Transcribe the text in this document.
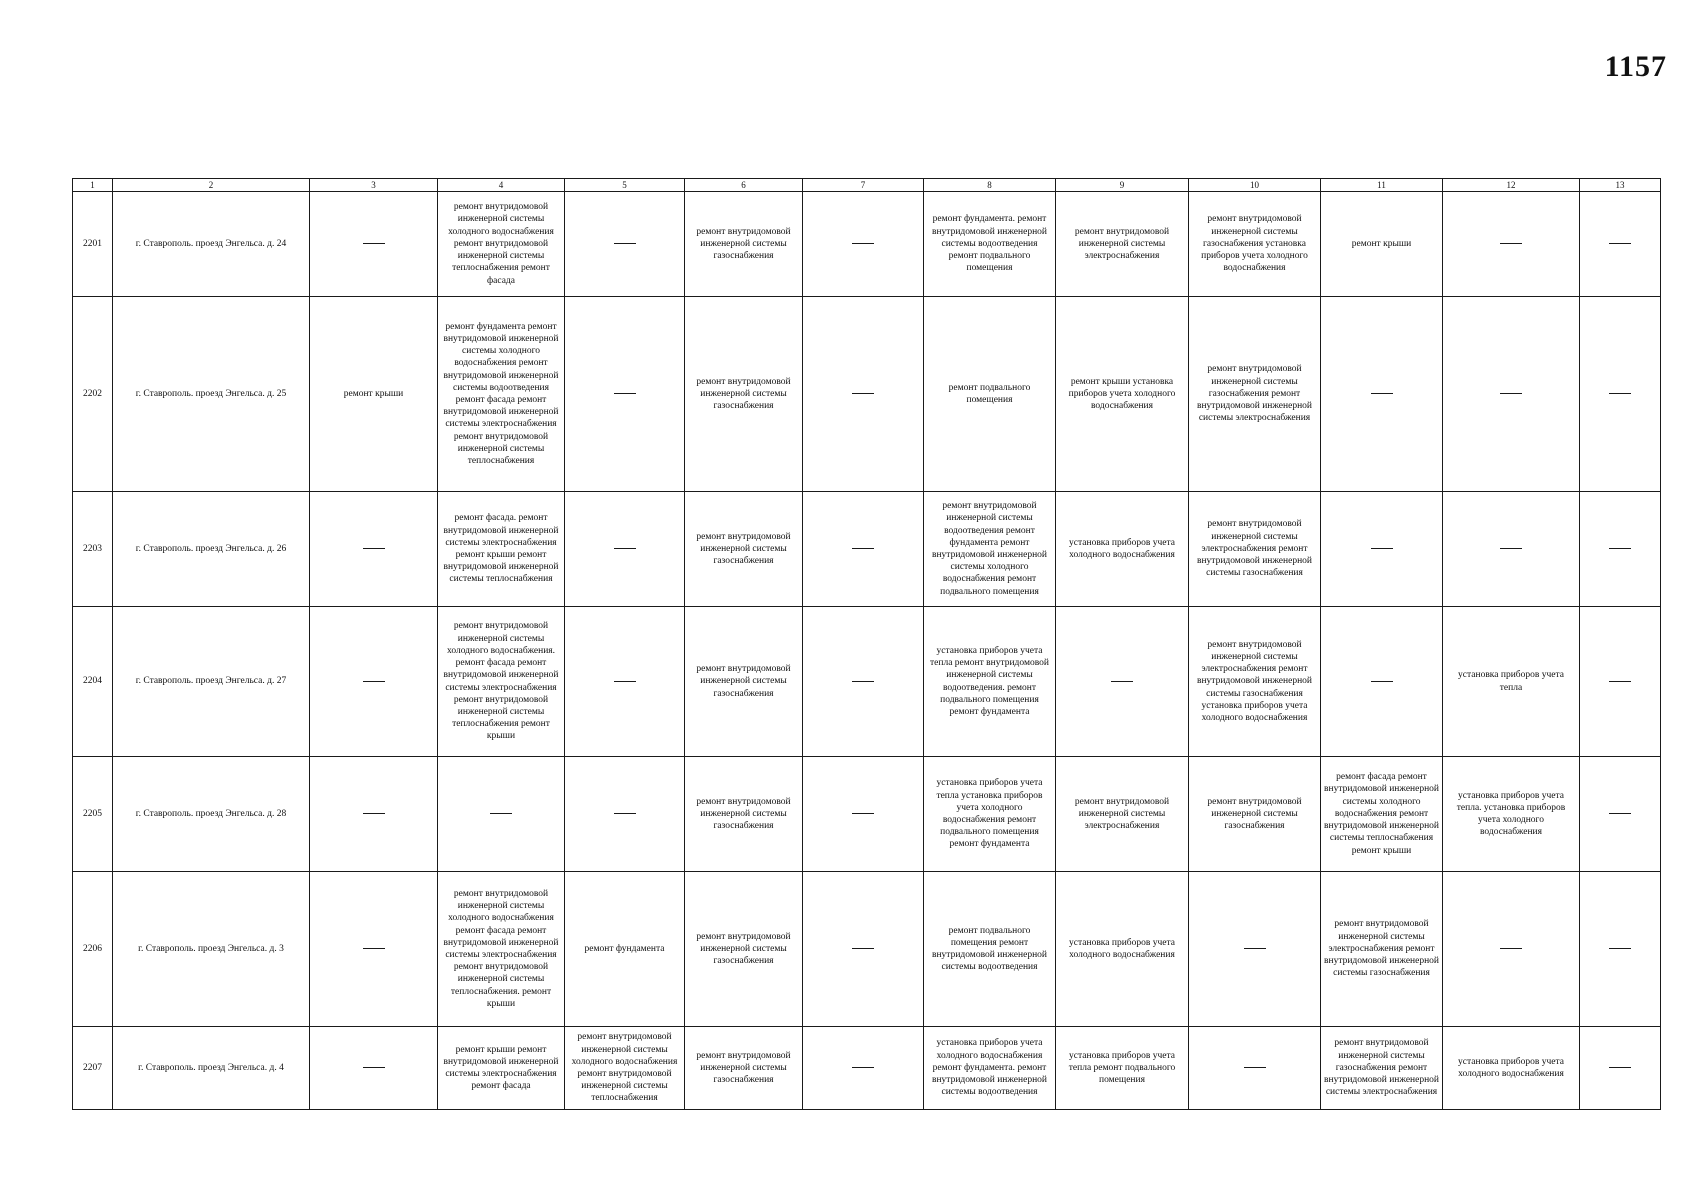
1157
1	2	3	4	5	6	7	8	9	10	11	12	13
2201	г. Ставрополь. проезд Энгельса. д. 24		ремонт внутридомовой инженерной системы холодного водоснабжения ремонт внутридомовой инженерной системы теплоснабжения ремонт фасада		ремонт внутридомовой инженерной системы газоснабжения		ремонт фундамента. ремонт внутридомовой инженерной системы водоотведения ремонт подвального помещения	ремонт внутридомовой инженерной системы электроснабжения	ремонт внутридомовой инженерной системы газоснабжения установка приборов учета холодного водоснабжения	ремонт крыши		
2202	г. Ставрополь. проезд Энгельса. д. 25	ремонт крыши	ремонт фундамента ремонт внутридомовой инженерной системы холодного водоснабжения ремонт внутридомовой инженерной системы водоотведения ремонт фасада ремонт внутридомовой инженерной системы электроснабжения ремонт внутридомовой инженерной системы теплоснабжения		ремонт внутридомовой инженерной системы газоснабжения		ремонт подвального помещения	ремонт крыши установка приборов учета холодного водоснабжения	ремонт внутридомовой инженерной системы газоснабжения ремонт внутридомовой инженерной системы электроснабжения			
2203	г. Ставрополь. проезд Энгельса. д. 26		ремонт фасада. ремонт внутридомовой инженерной системы электроснабжения ремонт крыши ремонт внутридомовой инженерной системы теплоснабжения		ремонт внутридомовой инженерной системы газоснабжения		ремонт внутридомовой инженерной системы водоотведения ремонт фундамента ремонт внутридомовой инженерной системы холодного водоснабжения ремонт подвального помещения	установка приборов учета холодного водоснабжения	ремонт внутридомовой инженерной системы электроснабжения ремонт внутридомовой инженерной системы газоснабжения			
2204	г. Ставрополь. проезд Энгельса. д. 27		ремонт внутридомовой инженерной системы холодного водоснабжения. ремонт фасада ремонт внутридомовой инженерной системы электроснабжения ремонт внутридомовой инженерной системы теплоснабжения ремонт крыши		ремонт внутридомовой инженерной системы газоснабжения		установка приборов учета тепла ремонт внутридомовой инженерной системы водоотведения. ремонт подвального помещения ремонт фундамента		ремонт внутридомовой инженерной системы электроснабжения ремонт внутридомовой инженерной системы газоснабжения установка приборов учета холодного водоснабжения		установка приборов учета тепла	
2205	г. Ставрополь. проезд Энгельса. д. 28				ремонт внутридомовой инженерной системы газоснабжения		установка приборов учета тепла установка приборов учета холодного водоснабжения ремонт подвального помещения ремонт фундамента	ремонт внутридомовой инженерной системы электроснабжения	ремонт внутридомовой инженерной системы газоснабжения	ремонт фасада ремонт внутридомовой инженерной системы холодного водоснабжения ремонт внутридомовой инженерной системы теплоснабжения ремонт крыши	установка приборов учета тепла. установка приборов учета холодного водоснабжения	
2206	г. Ставрополь. проезд Энгельса. д. 3		ремонт внутридомовой инженерной системы холодного водоснабжения ремонт фасада ремонт внутридомовой инженерной системы электроснабжения ремонт внутридомовой инженерной системы теплоснабжения. ремонт крыши	ремонт фундамента	ремонт внутридомовой инженерной системы газоснабжения		ремонт подвального помещения ремонт внутридомовой инженерной системы водоотведения	установка приборов учета холодного водоснабжения		ремонт внутридомовой инженерной системы электроснабжения ремонт внутридомовой инженерной системы газоснабжения		
2207	г. Ставрополь. проезд Энгельса. д. 4		ремонт крыши ремонт внутридомовой инженерной системы электроснабжения ремонт фасада	ремонт внутридомовой инженерной системы холодного водоснабжения ремонт внутридомовой инженерной системы теплоснабжения	ремонт внутридомовой инженерной системы газоснабжения		установка приборов учета холодного водоснабжения ремонт фундамента. ремонт внутридомовой инженерной системы водоотведения	установка приборов учета тепла ремонт подвального помещения		ремонт внутридомовой инженерной системы газоснабжения ремонт внутридомовой инженерной системы электроснабжения	установка приборов учета холодного водоснабжения	
